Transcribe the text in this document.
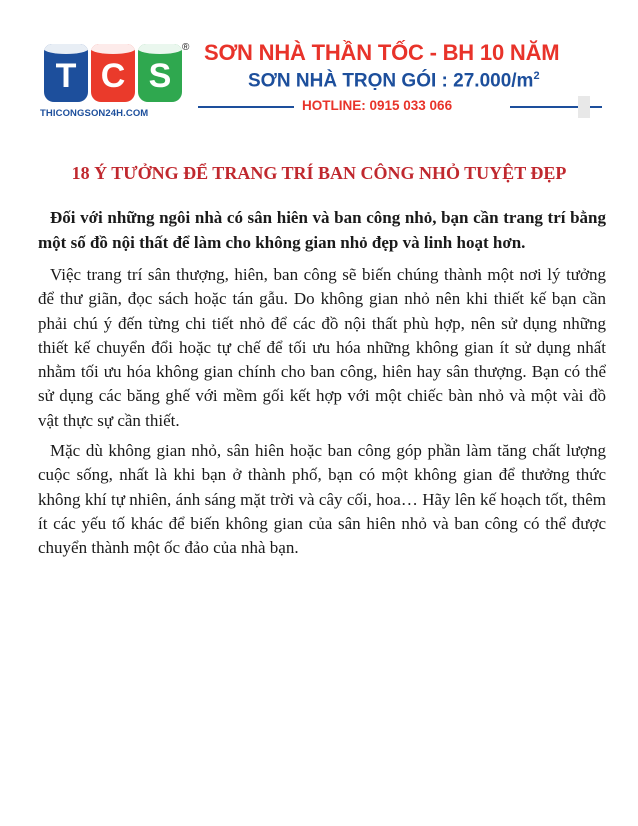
T C S
®
THICONGSON24H.COM
SƠN NHÀ THẦN TỐC - BH 10 NĂM
SƠN NHÀ TRỌN GÓI : $27.000/m^2$
HOTLINE: 0915 033 066
18 Ý TƯỞNG ĐỂ TRANG TRÍ BAN CÔNG NHỎ TUYỆT ĐẸP

Đối với những ngôi nhà có sân hiên và ban công nhỏ, bạn cần trang trí bằng một số đồ nội thất để làm cho không gian nhỏ đẹp và linh hoạt hơn.

Việc trang trí sân thượng, hiên, ban công sẽ biến chúng thành một nơi lý tưởng để thư giãn, đọc sách hoặc tán gẫu. Do không gian nhỏ nên khi thiết kế bạn cần phải chú ý đến từng chi tiết nhỏ để các đồ nội thất phù hợp, nên sử dụng những thiết kế chuyển đổi hoặc tự chế để tối ưu hóa những không gian ít sử dụng nhất nhằm tối ưu hóa không gian chính cho ban công, hiên hay sân thượng. Bạn có thể sử dụng các băng ghế với mềm gối kết hợp với một chiếc bàn nhỏ và một vài đồ vật thực sự cần thiết.

Mặc dù không gian nhỏ, sân hiên hoặc ban công góp phần làm tăng chất lượng cuộc sống, nhất là khi bạn ở thành phố, bạn có một không gian để thưởng thức không khí tự nhiên, ánh sáng mặt trời và cây cối, hoa… Hãy lên kế hoạch tốt, thêm ít các yếu tố khác để biến không gian của sân hiên nhỏ và ban công có thể được chuyển thành một ốc đảo của nhà bạn.
